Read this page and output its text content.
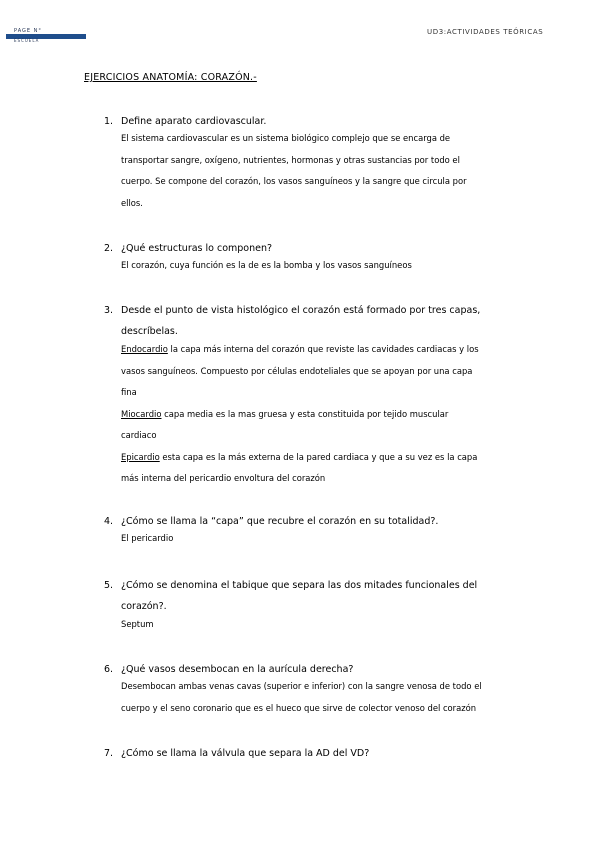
PAGE N°
ESCUELA
UD3:ACTIVIDADES TEÓRICAS
EJERCICIOS ANATOMÍA: CORAZÓN.-
1. Define aparato cardiovascular.
El sistema cardiovascular es un sistema biológico complejo que se encarga de
transportar sangre, oxígeno, nutrientes, hormonas y otras sustancias por todo el
cuerpo. Se compone del corazón, los vasos sanguíneos y la sangre que circula por
ellos.
2. ¿Qué estructuras lo componen?
El corazón, cuya función es la de es la bomba y los vasos sanguíneos
3. Desde el punto de vista histológico el corazón está formado por tres capas,
descríbelas.
Endocardio la capa más interna del corazón que reviste las cavidades cardiacas y los
vasos sanguíneos. Compuesto por células endoteliales que se apoyan por una capa
fina
Miocardio capa media es la mas gruesa y esta constituida por tejido muscular
cardiaco
Epicardio esta capa es la más externa de la pared cardiaca y que a su vez es la capa
más interna del pericardio envoltura del corazón
4. ¿Cómo se llama la “capa” que recubre el corazón en su totalidad?.
El pericardio
5. ¿Cómo se denomina el tabique que separa las dos mitades funcionales del
corazón?.
Septum
6. ¿Qué vasos desembocan en la aurícula derecha?
Desembocan ambas venas cavas (superior e inferior) con la sangre venosa de todo el
cuerpo y el seno coronario que es el hueco que sirve de colector venoso del corazón
7. ¿Cómo se llama la válvula que separa la AD del VD?
